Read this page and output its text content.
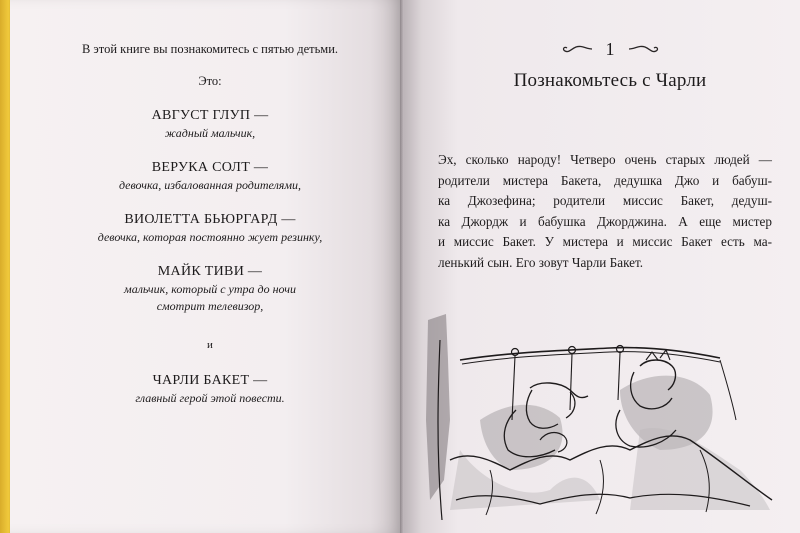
В этой книге вы познакомитесь с пятью детьми.

Это:

АВГУСТ ГЛУП —
жадный мальчик,
ВЕРУКА СОЛТ —
девочка, избалованная родителями,
ВИОЛЕТТА БЬЮРГАРД —
девочка, которая постоянно жует резинку,
МАЙК ТИВИ —
мальчик, который с утра до ночи
смотрит телевизор,
и
ЧАРЛИ БАКЕТ —
главный герой этой повести.
1
Познакомьтесь с Чарли
Эх, сколько народу! Четверо очень старых людей —
родители мистера Бакета, дедушка Джо и бабуш-
ка Джозефина; родители миссис Бакет, дедуш-
ка Джордж и бабушка Джорджина. А еще мистер
и миссис Бакет. У мистера и миссис Бакет есть ма-
ленький сын. Его зовут Чарли Бакет.
